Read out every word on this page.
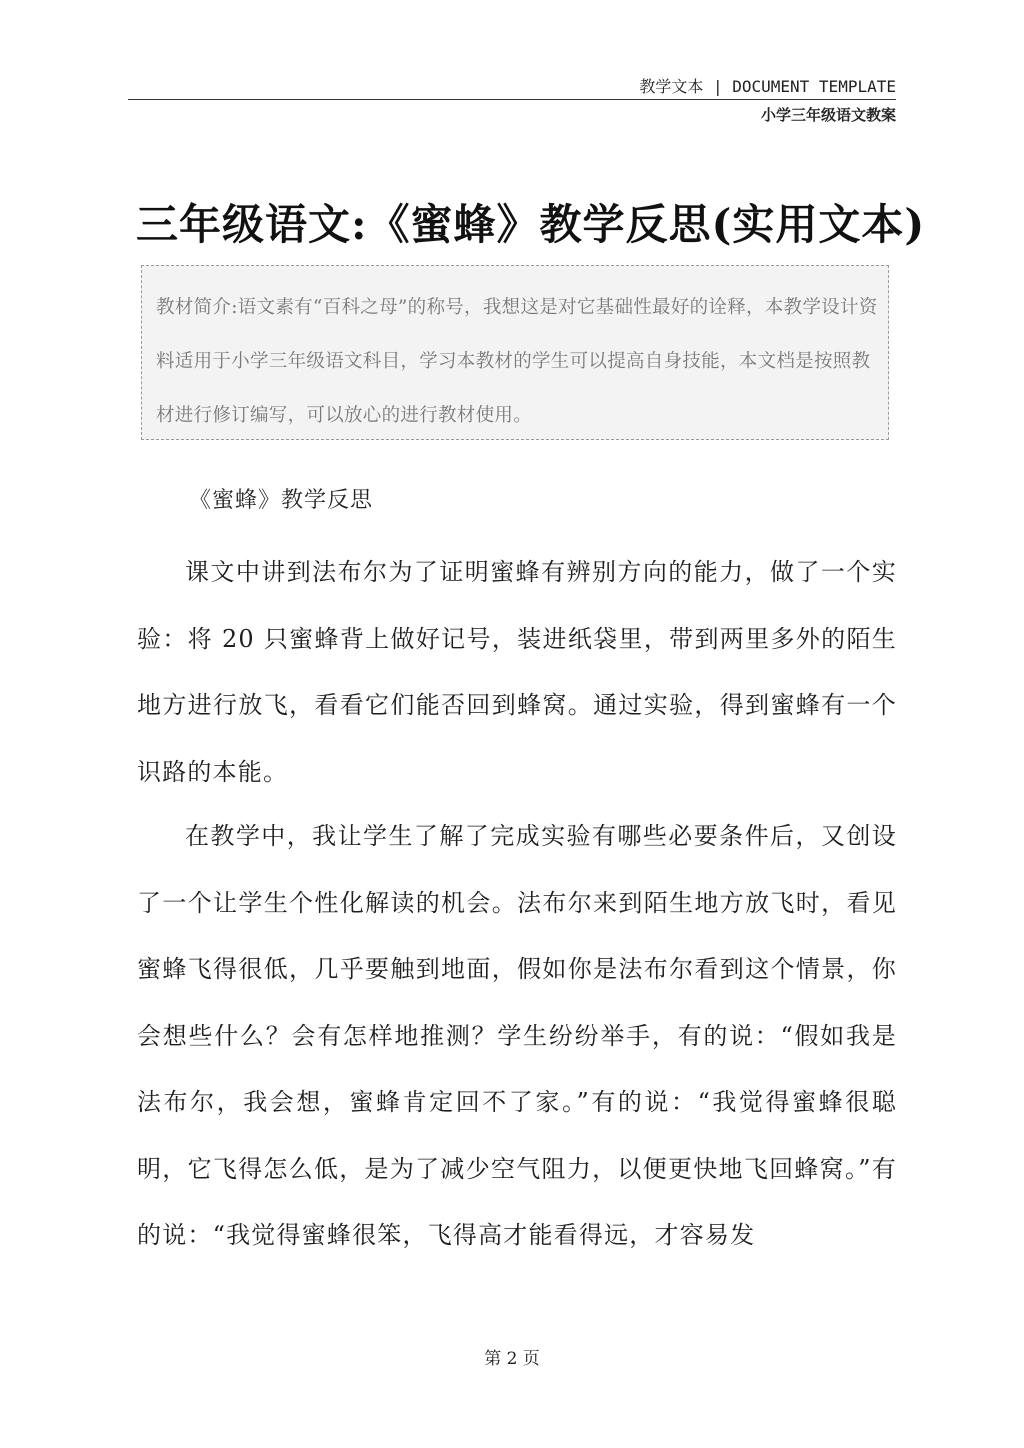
教学文本 | DOCUMENT TEMPLATE
小学三年级语文教案
三年级语文:《蜜蜂》教学反思(实用文本)
教材简介:语文素有“百科之母”的称号，我想这是对它基础性最好的诠释，本教学设计资料适用于小学三年级语文科目，学习本教材的学生可以提高自身技能，本文档是按照教材进行修订编写，可以放心的进行教材使用。
《蜜蜂》教学反思
课文中讲到法布尔为了证明蜜蜂有辨别方向的能力，做了一个实验：将 20 只蜜蜂背上做好记号，装进纸袋里，带到两里多外的陌生地方进行放飞，看看它们能否回到蜂窝。通过实验，得到蜜蜂有一个识路的本能。
在教学中，我让学生了解了完成实验有哪些必要条件后，又创设了一个让学生个性化解读的机会。法布尔来到陌生地方放飞时，看见蜜蜂飞得很低，几乎要触到地面，假如你是法布尔看到这个情景，你会想些什么？会有怎样地推测？学生纷纷举手，有的说：“假如我是法布尔，我会想，蜜蜂肯定回不了家。”有的说：“我觉得蜜蜂很聪明，它飞得怎么低，是为了减少空气阻力，以便更快地飞回蜂窝。”有的说：“我觉得蜜蜂很笨，飞得高才能看得远，才容易发
第 2 页
